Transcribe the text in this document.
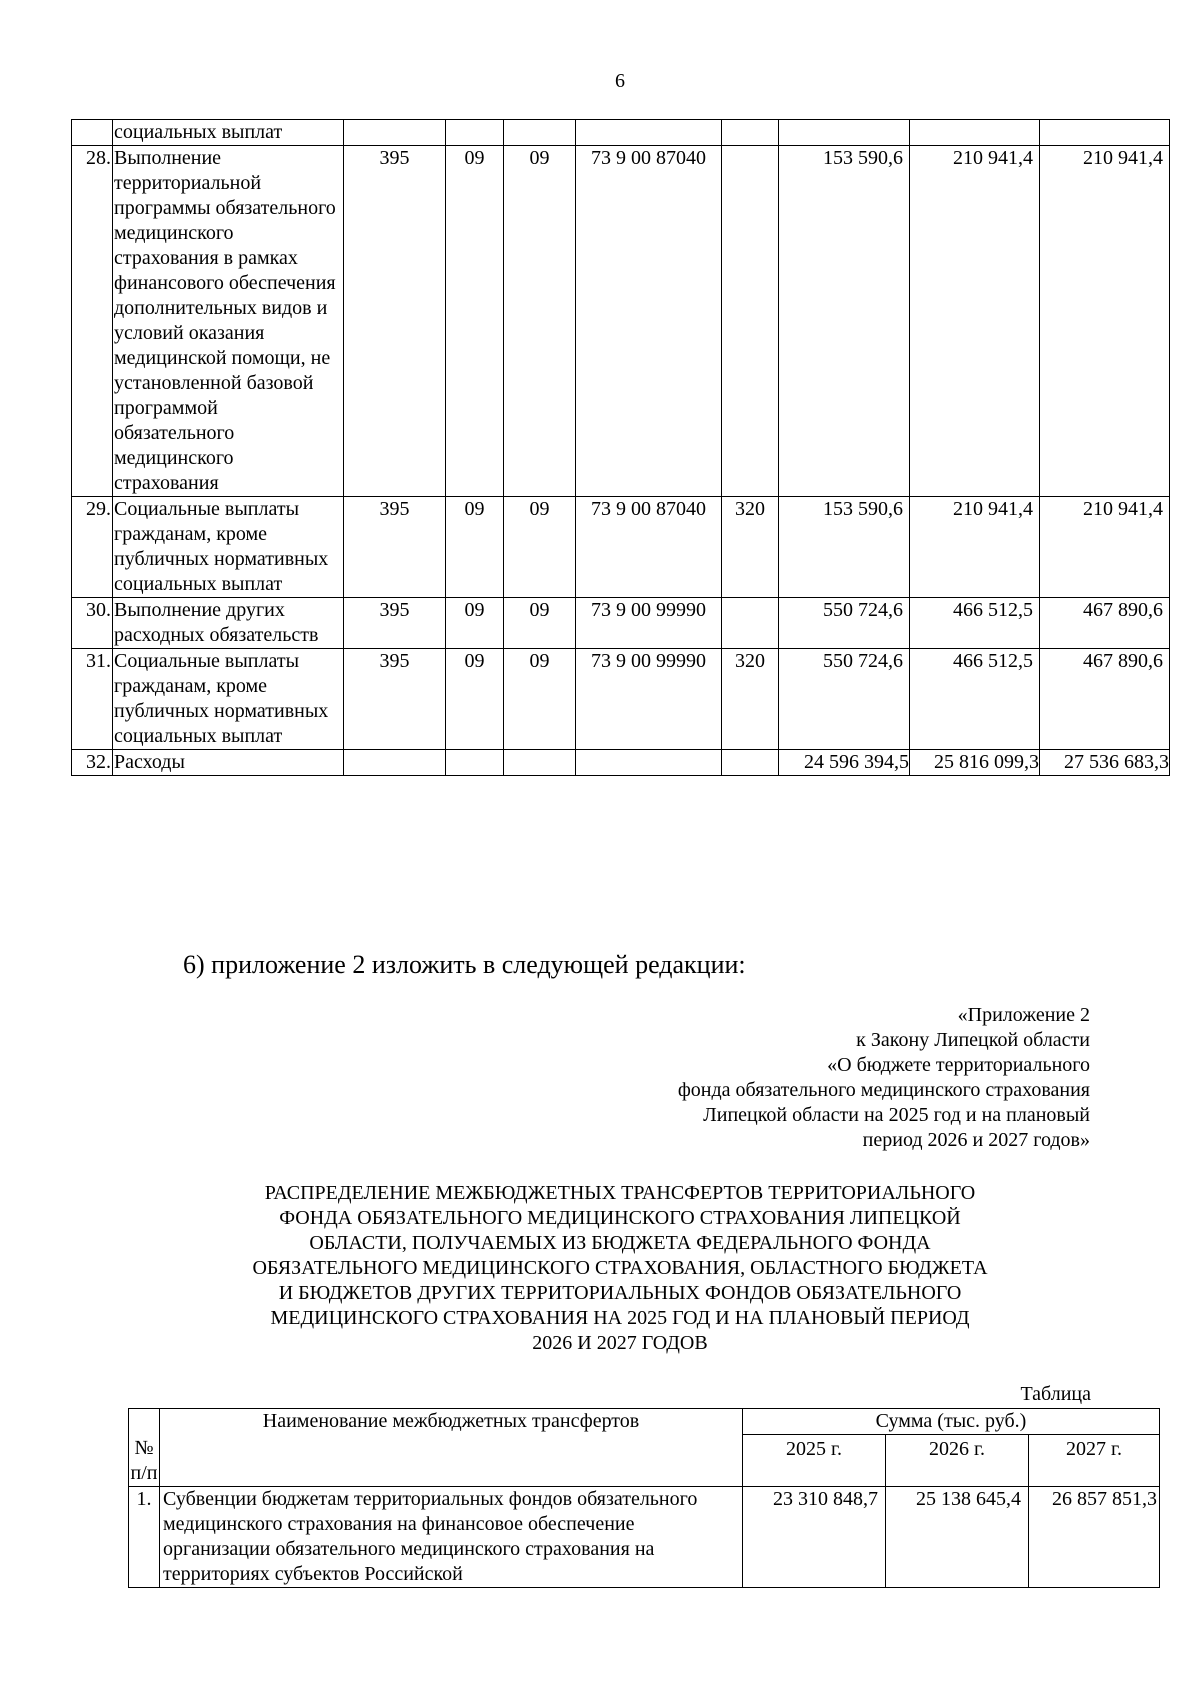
6
	социальных выплат								
28.	Выполнение территориальной программы обязательного медицинского страхования в рамках финансового обеспечения дополнительных видов и условий оказания медицинской помощи, не установленной базовой программой обязательного медицинского страхования	395	09	09	73 9 00 87040		153 590,6	210 941,4	210 941,4
29.	Социальные выплаты гражданам, кроме публичных нормативных социальных выплат	395	09	09	73 9 00 87040	320	153 590,6	210 941,4	210 941,4
30.	Выполнение других расходных обязательств	395	09	09	73 9 00 99990		550 724,6	466 512,5	467 890,6
31.	Социальные выплаты гражданам, кроме публичных нормативных социальных выплат	395	09	09	73 9 00 99990	320	550 724,6	466 512,5	467 890,6
32.	Расходы						24 596 394,5	25 816 099,3	27 536 683,3
6) приложение 2 изложить в следующей редакции:
«Приложение 2
к Закону Липецкой области
«О бюджете территориального
фонда обязательного медицинского страхования
Липецкой области на 2025 год и на плановый
период 2026 и 2027 годов»
РАСПРЕДЕЛЕНИЕ МЕЖБЮДЖЕТНЫХ ТРАНСФЕРТОВ ТЕРРИТОРИАЛЬНОГО
ФОНДА ОБЯЗАТЕЛЬНОГО МЕДИЦИНСКОГО СТРАХОВАНИЯ ЛИПЕЦКОЙ
ОБЛАСТИ, ПОЛУЧАЕМЫХ ИЗ БЮДЖЕТА ФЕДЕРАЛЬНОГО ФОНДА
ОБЯЗАТЕЛЬНОГО МЕДИЦИНСКОГО СТРАХОВАНИЯ, ОБЛАСТНОГО БЮДЖЕТА
И БЮДЖЕТОВ ДРУГИХ ТЕРРИТОРИАЛЬНЫХ ФОНДОВ ОБЯЗАТЕЛЬНОГО
МЕДИЦИНСКОГО СТРАХОВАНИЯ НА 2025 ГОД И НА ПЛАНОВЫЙ ПЕРИОД
2026 И 2027 ГОДОВ
Таблица
№ п/п	Наименование межбюджетных трансфертов	Сумма (тыс. руб.)		
		2025 г.	2026 г.	2027 г.
1.	Субвенции бюджетам территориальных фондов обязательного медицинского страхования на финансовое обеспечение организации обязательного медицинского страхования на территориях субъектов Российской	23 310 848,7	25 138 645,4	26 857 851,3
